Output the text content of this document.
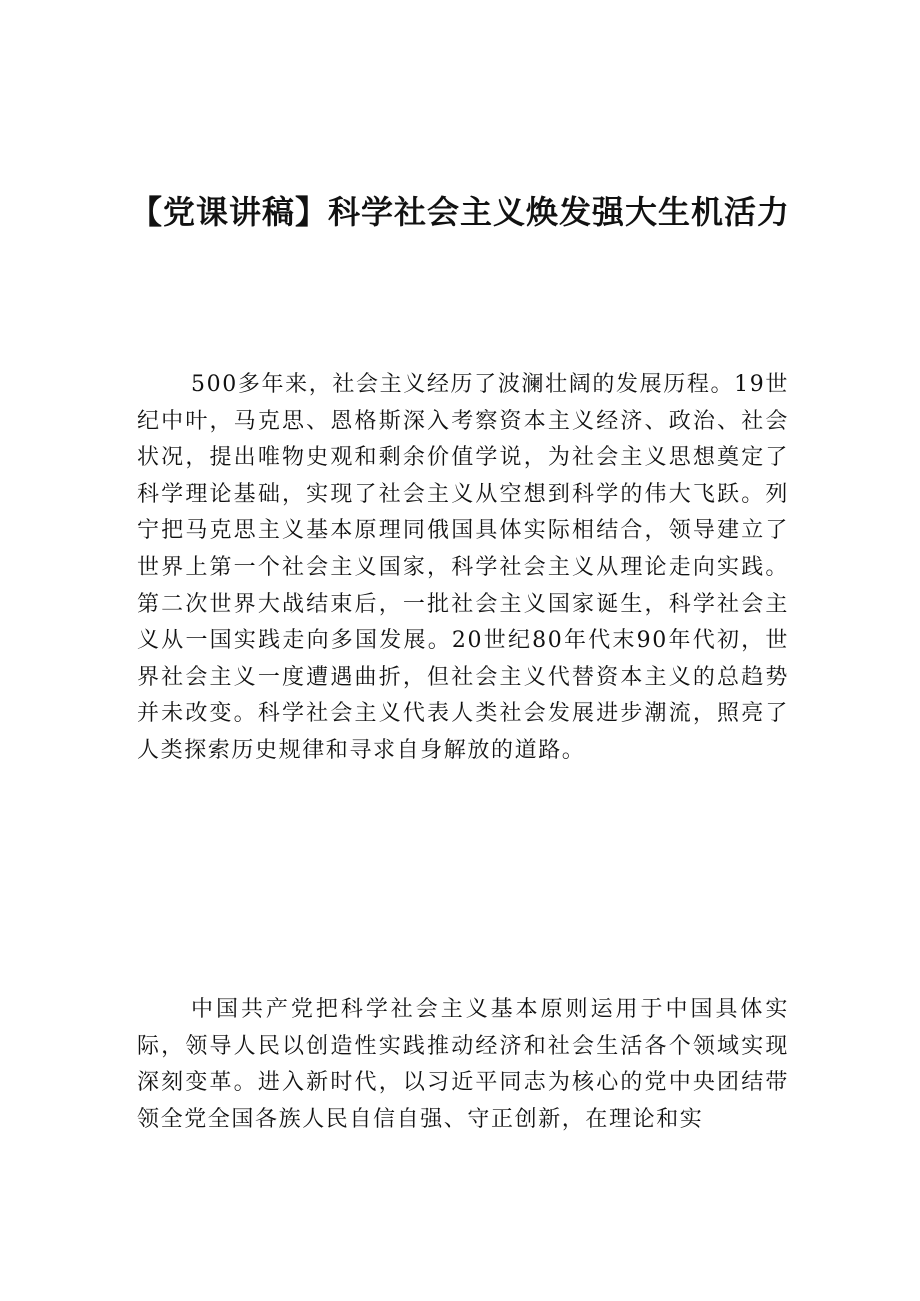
【党课讲稿】科学社会主义焕发强大生机活力

500多年来，社会主义经历了波澜壮阔的发展历程。19世纪中叶，马克思、恩格斯深入考察资本主义经济、政治、社会状况，提出唯物史观和剩余价值学说，为社会主义思想奠定了科学理论基础，实现了社会主义从空想到科学的伟大飞跃。列宁把马克思主义基本原理同俄国具体实际相结合，领导建立了世界上第一个社会主义国家，科学社会主义从理论走向实践。第二次世界大战结束后，一批社会主义国家诞生，科学社会主义从一国实践走向多国发展。20世纪80年代末90年代初，世界社会主义一度遭遇曲折，但社会主义代替资本主义的总趋势并未改变。科学社会主义代表人类社会发展进步潮流，照亮了人类探索历史规律和寻求自身解放的道路。

中国共产党把科学社会主义基本原则运用于中国具体实际，领导人民以创造性实践推动经济和社会生活各个领域实现深刻变革。进入新时代，以习近平同志为核心的党中央团结带领全党全国各族人民自信自强、守正创新，在理论和实
